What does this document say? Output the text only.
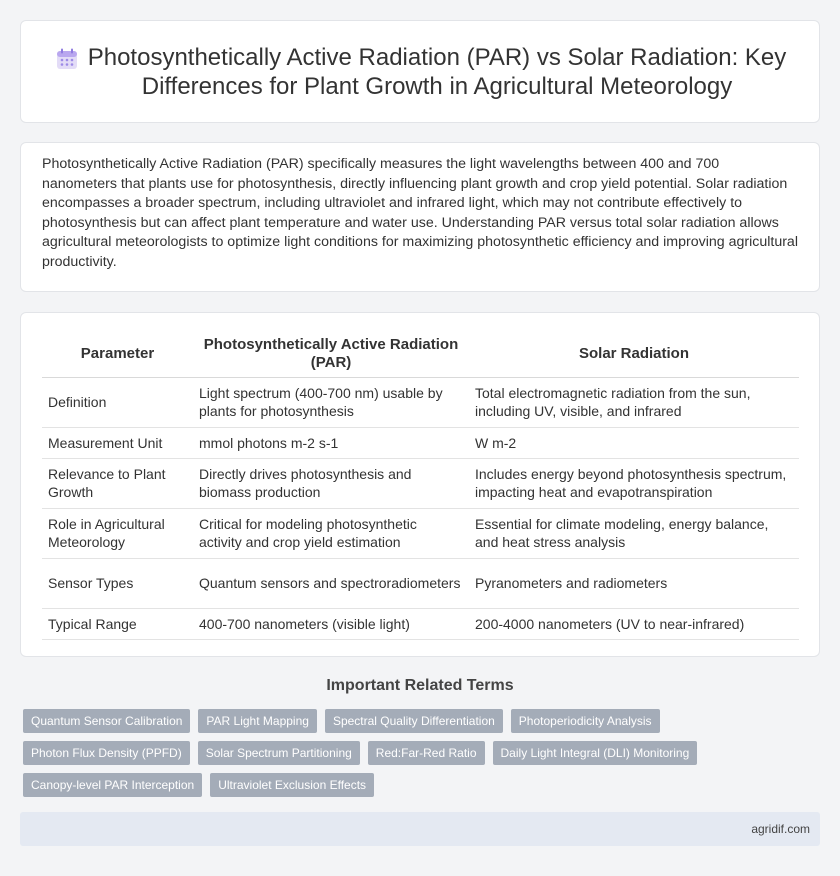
Photosynthetically Active Radiation (PAR) vs Solar Radiation: Key Differences for Plant Growth in Agricultural Meteorology

Photosynthetically Active Radiation (PAR) specifically measures the light wavelengths between 400 and 700 nanometers that plants use for photosynthesis, directly influencing plant growth and crop yield potential. Solar radiation encompasses a broader spectrum, including ultraviolet and infrared light, which may not contribute effectively to photosynthesis but can affect plant temperature and water use. Understanding PAR versus total solar radiation allows agricultural meteorologists to optimize light conditions for maximizing photosynthetic efficiency and improving agricultural productivity.

Parameter	Photosynthetically Active Radiation (PAR)	Solar Radiation
Definition	Light spectrum (400-700 nm) usable by plants for photosynthesis	Total electromagnetic radiation from the sun, including UV, visible, and infrared
Measurement Unit	mmol photons m-2 s-1	W m-2
Relevance to Plant Growth	Directly drives photosynthesis and biomass production	Includes energy beyond photosynthesis spectrum, impacting heat and evapotranspiration
Role in Agricultural Meteorology	Critical for modeling photosynthetic activity and crop yield estimation	Essential for climate modeling, energy balance, and heat stress analysis
Sensor Types	Quantum sensors and spectroradiometers	Pyranometers and radiometers
Typical Range	400-700 nanometers (visible light)	200-4000 nanometers (UV to near-infrared)
Important Related Terms
Quantum Sensor Calibration	PAR Light Mapping	Spectral Quality Differentiation	Photoperiodicity Analysis
Photon Flux Density (PPFD)	Solar Spectrum Partitioning	Red:Far-Red Ratio	Daily Light Integral (DLI) Monitoring
Canopy-level PAR Interception	Ultraviolet Exclusion Effects
agridif.com
